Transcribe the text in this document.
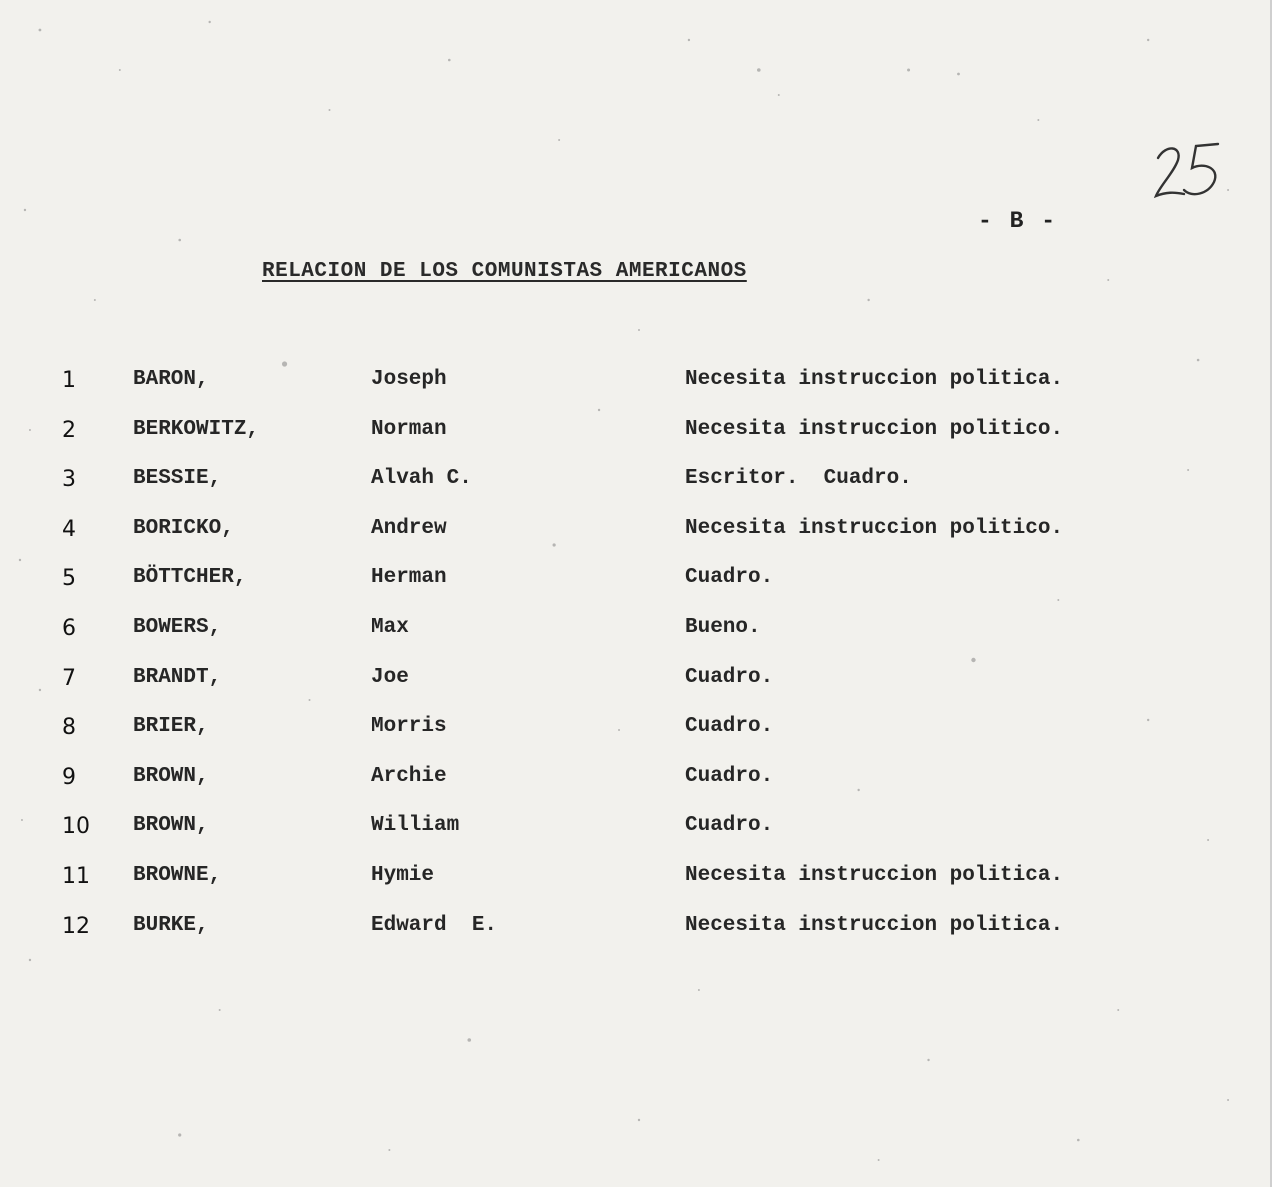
- B -
RELACION DE LOS COMUNISTAS AMERICANOS
1	BARON,	Joseph	Necesita instruccion politica.
2	BERKOWITZ,	Norman	Necesita instruccion politico.
3	BESSIE,	Alvah C.	Escritor.  Cuadro.
4	BORICKO,	Andrew	Necesita instruccion politico.
5	BÖTTCHER,	Herman	Cuadro.
6	BOWERS,	Max	Bueno.
7	BRANDT,	Joe	Cuadro.
8	BRIER,	Morris	Cuadro.
9	BROWN,	Archie	Cuadro.
10	BROWN,	William	Cuadro.
11	BROWNE,	Hymie	Necesita instruccion politica.
12	BURKE,	Edward  E.	Necesita instruccion politica.
